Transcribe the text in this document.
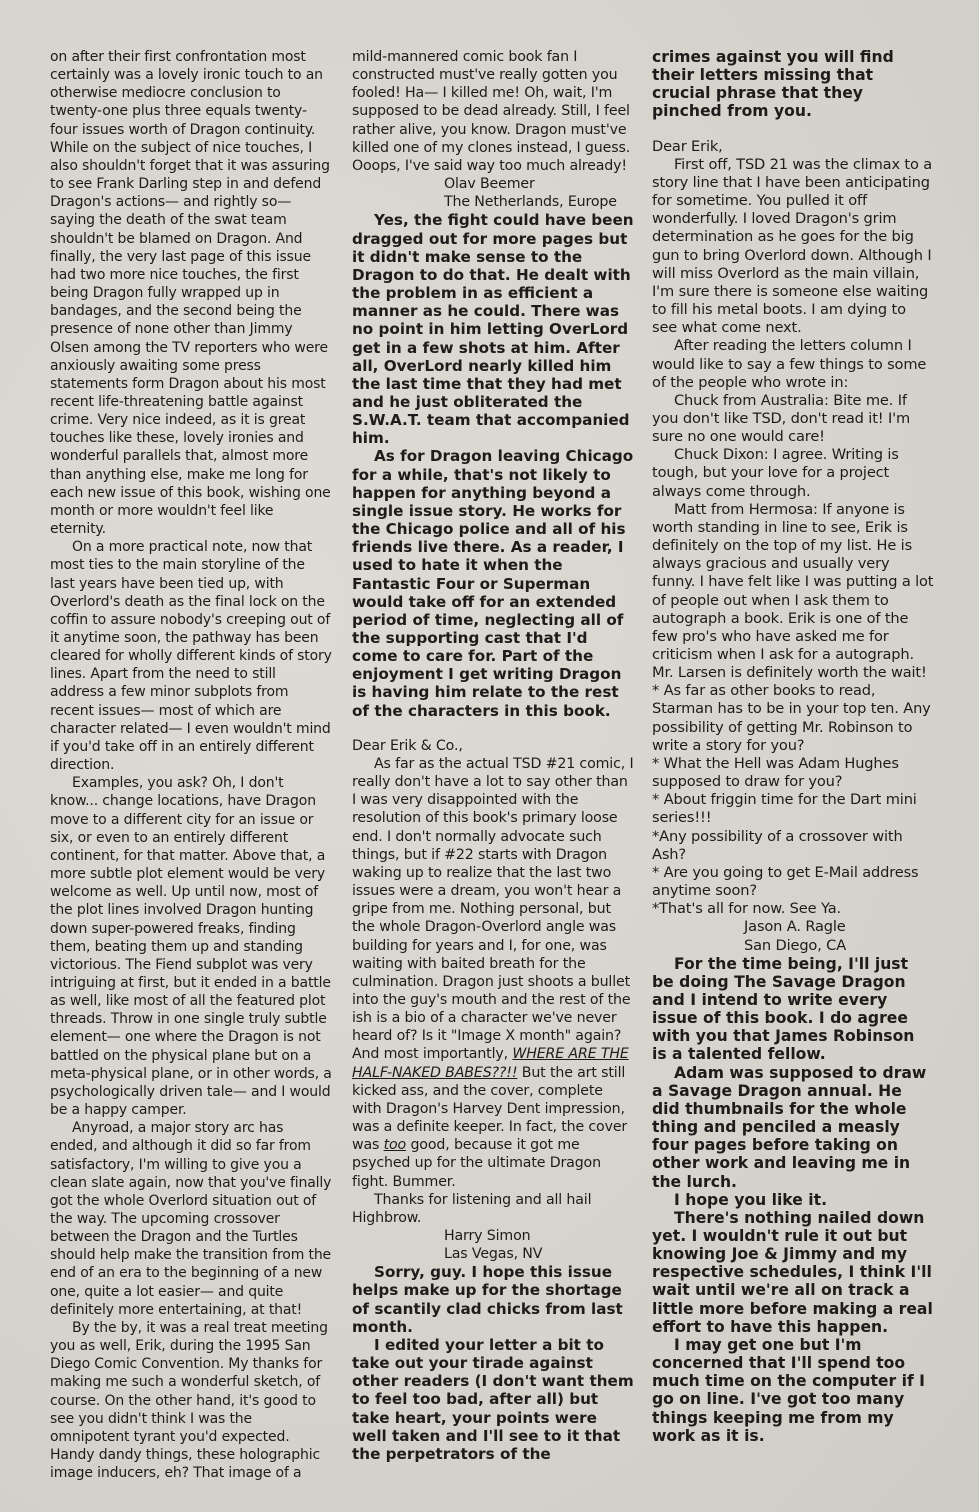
on after their first confrontation most certainly was a lovely ironic touch to an otherwise mediocre conclusion to twenty-one plus three equals twenty-four issues worth of Dragon continuity. While on the subject of nice touches, I also shouldn't forget that it was assuring to see Frank Darling step in and defend Dragon's actions— and rightly so— saying the death of the swat team shouldn't be blamed on Dragon. And finally, the very last page of this issue had two more nice touches, the first being Dragon fully wrapped up in bandages, and the second being the presence of none other than Jimmy Olsen among the TV reporters who were anxiously awaiting some press statements form Dragon about his most recent life-threatening battle against crime. Very nice indeed, as it is great touches like these, lovely ironies and wonderful parallels that, almost more than anything else, make me long for each new issue of this book, wishing one month or more wouldn't feel like eternity.

On a more practical note, now that most ties to the main storyline of the last years have been tied up, with Overlord's death as the final lock on the coffin to assure nobody's creeping out of it anytime soon, the pathway has been cleared for wholly different kinds of story lines. Apart from the need to still address a few minor subplots from recent issues— most of which are character related— I even wouldn't mind if you'd take off in an entirely different direction.

Examples, you ask? Oh, I don't know... change locations, have Dragon move to a different city for an issue or six, or even to an entirely different continent, for that matter. Above that, a more subtle plot element would be very welcome as well. Up until now, most of the plot lines involved Dragon hunting down super-powered freaks, finding them, beating them up and standing victorious. The Fiend subplot was very intriguing at first, but it ended in a battle as well, like most of all the featured plot threads. Throw in one single truly subtle element— one where the Dragon is not battled on the physical plane but on a meta-physical plane, or in other words, a psychologically driven tale— and I would be a happy camper.

Anyroad, a major story arc has ended, and although it did so far from satisfactory, I'm willing to give you a clean slate again, now that you've finally got the whole Overlord situation out of the way. The upcoming crossover between the Dragon and the Turtles should help make the transition from the end of an era to the beginning of a new one, quite a lot easier— and quite definitely more entertaining, at that!

By the by, it was a real treat meeting you as well, Erik, during the 1995 San Diego Comic Convention. My thanks for making me such a wonderful sketch, of course. On the other hand, it's good to see you didn't think I was the omnipotent tyrant you'd expected. Handy dandy things, these holographic image inducers, eh? That image of a

mild-mannered comic book fan I constructed must've really gotten you fooled! Ha— I killed me! Oh, wait, I'm supposed to be dead already. Still, I feel rather alive, you know. Dragon must've killed one of my clones instead, I guess. Ooops, I've said way too much already!

Olav Beemer

The Netherlands, Europe

Yes, the fight could have been dragged out for more pages but it didn't make sense to the Dragon to do that. He dealt with the problem in as efficient a manner as he could. There was no point in him letting OverLord get in a few shots at him. After all, OverLord nearly killed him the last time that they had met and he just obliterated the S.W.A.T. team that accompanied him.

As for Dragon leaving Chicago for a while, that's not likely to happen for anything beyond a single issue story. He works for the Chicago police and all of his friends live there. As a reader, I used to hate it when the Fantastic Four or Superman would take off for an extended period of time, neglecting all of the supporting cast that I'd come to care for. Part of the enjoyment I get writing Dragon is having him relate to the rest of the characters in this book.

Dear Erik & Co.,

As far as the actual TSD #21 comic, I really don't have a lot to say other than I was very disappointed with the resolution of this book's primary loose end. I don't normally advocate such things, but if #22 starts with Dragon waking up to realize that the last two issues were a dream, you won't hear a gripe from me. Nothing personal, but the whole Dragon-Overlord angle was building for years and I, for one, was waiting with baited breath for the culmination. Dragon just shoots a bullet into the guy's mouth and the rest of the ish is a bio of a character we've never heard of? Is it "Image X month" again? And most importantly, WHERE ARE THE HALF-NAKED BABES??!! But the art still kicked ass, and the cover, complete with Dragon's Harvey Dent impression, was a definite keeper. In fact, the cover was too good, because it got me psyched up for the ultimate Dragon fight. Bummer.

Thanks for listening and all hail Highbrow.

Harry Simon

Las Vegas, NV

Sorry, guy. I hope this issue helps make up for the shortage of scantily clad chicks from last month.

I edited your letter a bit to take out your tirade against other readers (I don't want them to feel too bad, after all) but take heart, your points were well taken and I'll see to it that the perpetrators of the

crimes against you will find their letters missing that crucial phrase that they pinched from you.

Dear Erik,

First off, TSD 21 was the climax to a story line that I have been anticipating for sometime. You pulled it off wonderfully. I loved Dragon's grim determination as he goes for the big gun to bring Overlord down. Although I will miss Overlord as the main villain, I'm sure there is someone else waiting to fill his metal boots. I am dying to see what come next.

After reading the letters column I would like to say a few things to some of the people who wrote in:

Chuck from Australia: Bite me. If you don't like TSD, don't read it! I'm sure no one would care!

Chuck Dixon: I agree. Writing is tough, but your love for a project always come through.

Matt from Hermosa: If anyone is worth standing in line to see, Erik is definitely on the top of my list. He is always gracious and usually very funny. I have felt like I was putting a lot of people out when I ask them to autograph a book. Erik is one of the few pro's who have asked me for criticism when I ask for a autograph. Mr. Larsen is definitely worth the wait!

* As far as other books to read, Starman has to be in your top ten. Any possibility of getting Mr. Robinson to write a story for you?

* What the Hell was Adam Hughes supposed to draw for you?

* About friggin time for the Dart mini series!!!

*Any possibility of a crossover with Ash?

* Are you going to get E-Mail address anytime soon?

*That's all for now. See Ya.

Jason A. Ragle

San Diego, CA

For the time being, I'll just be doing The Savage Dragon and I intend to write every issue of this book. I do agree with you that James Robinson is a talented fellow.

Adam was supposed to draw a Savage Dragon annual. He did thumbnails for the whole thing and penciled a measly four pages before taking on other work and leaving me in the lurch.

I hope you like it.

There's nothing nailed down yet. I wouldn't rule it out but knowing Joe & Jimmy and my respective schedules, I think I'll wait until we're all on track a little more before making a real effort to have this happen.

I may get one but I'm concerned that I'll spend too much time on the computer if I go on line. I've got too many things keeping me from my work as it is.
